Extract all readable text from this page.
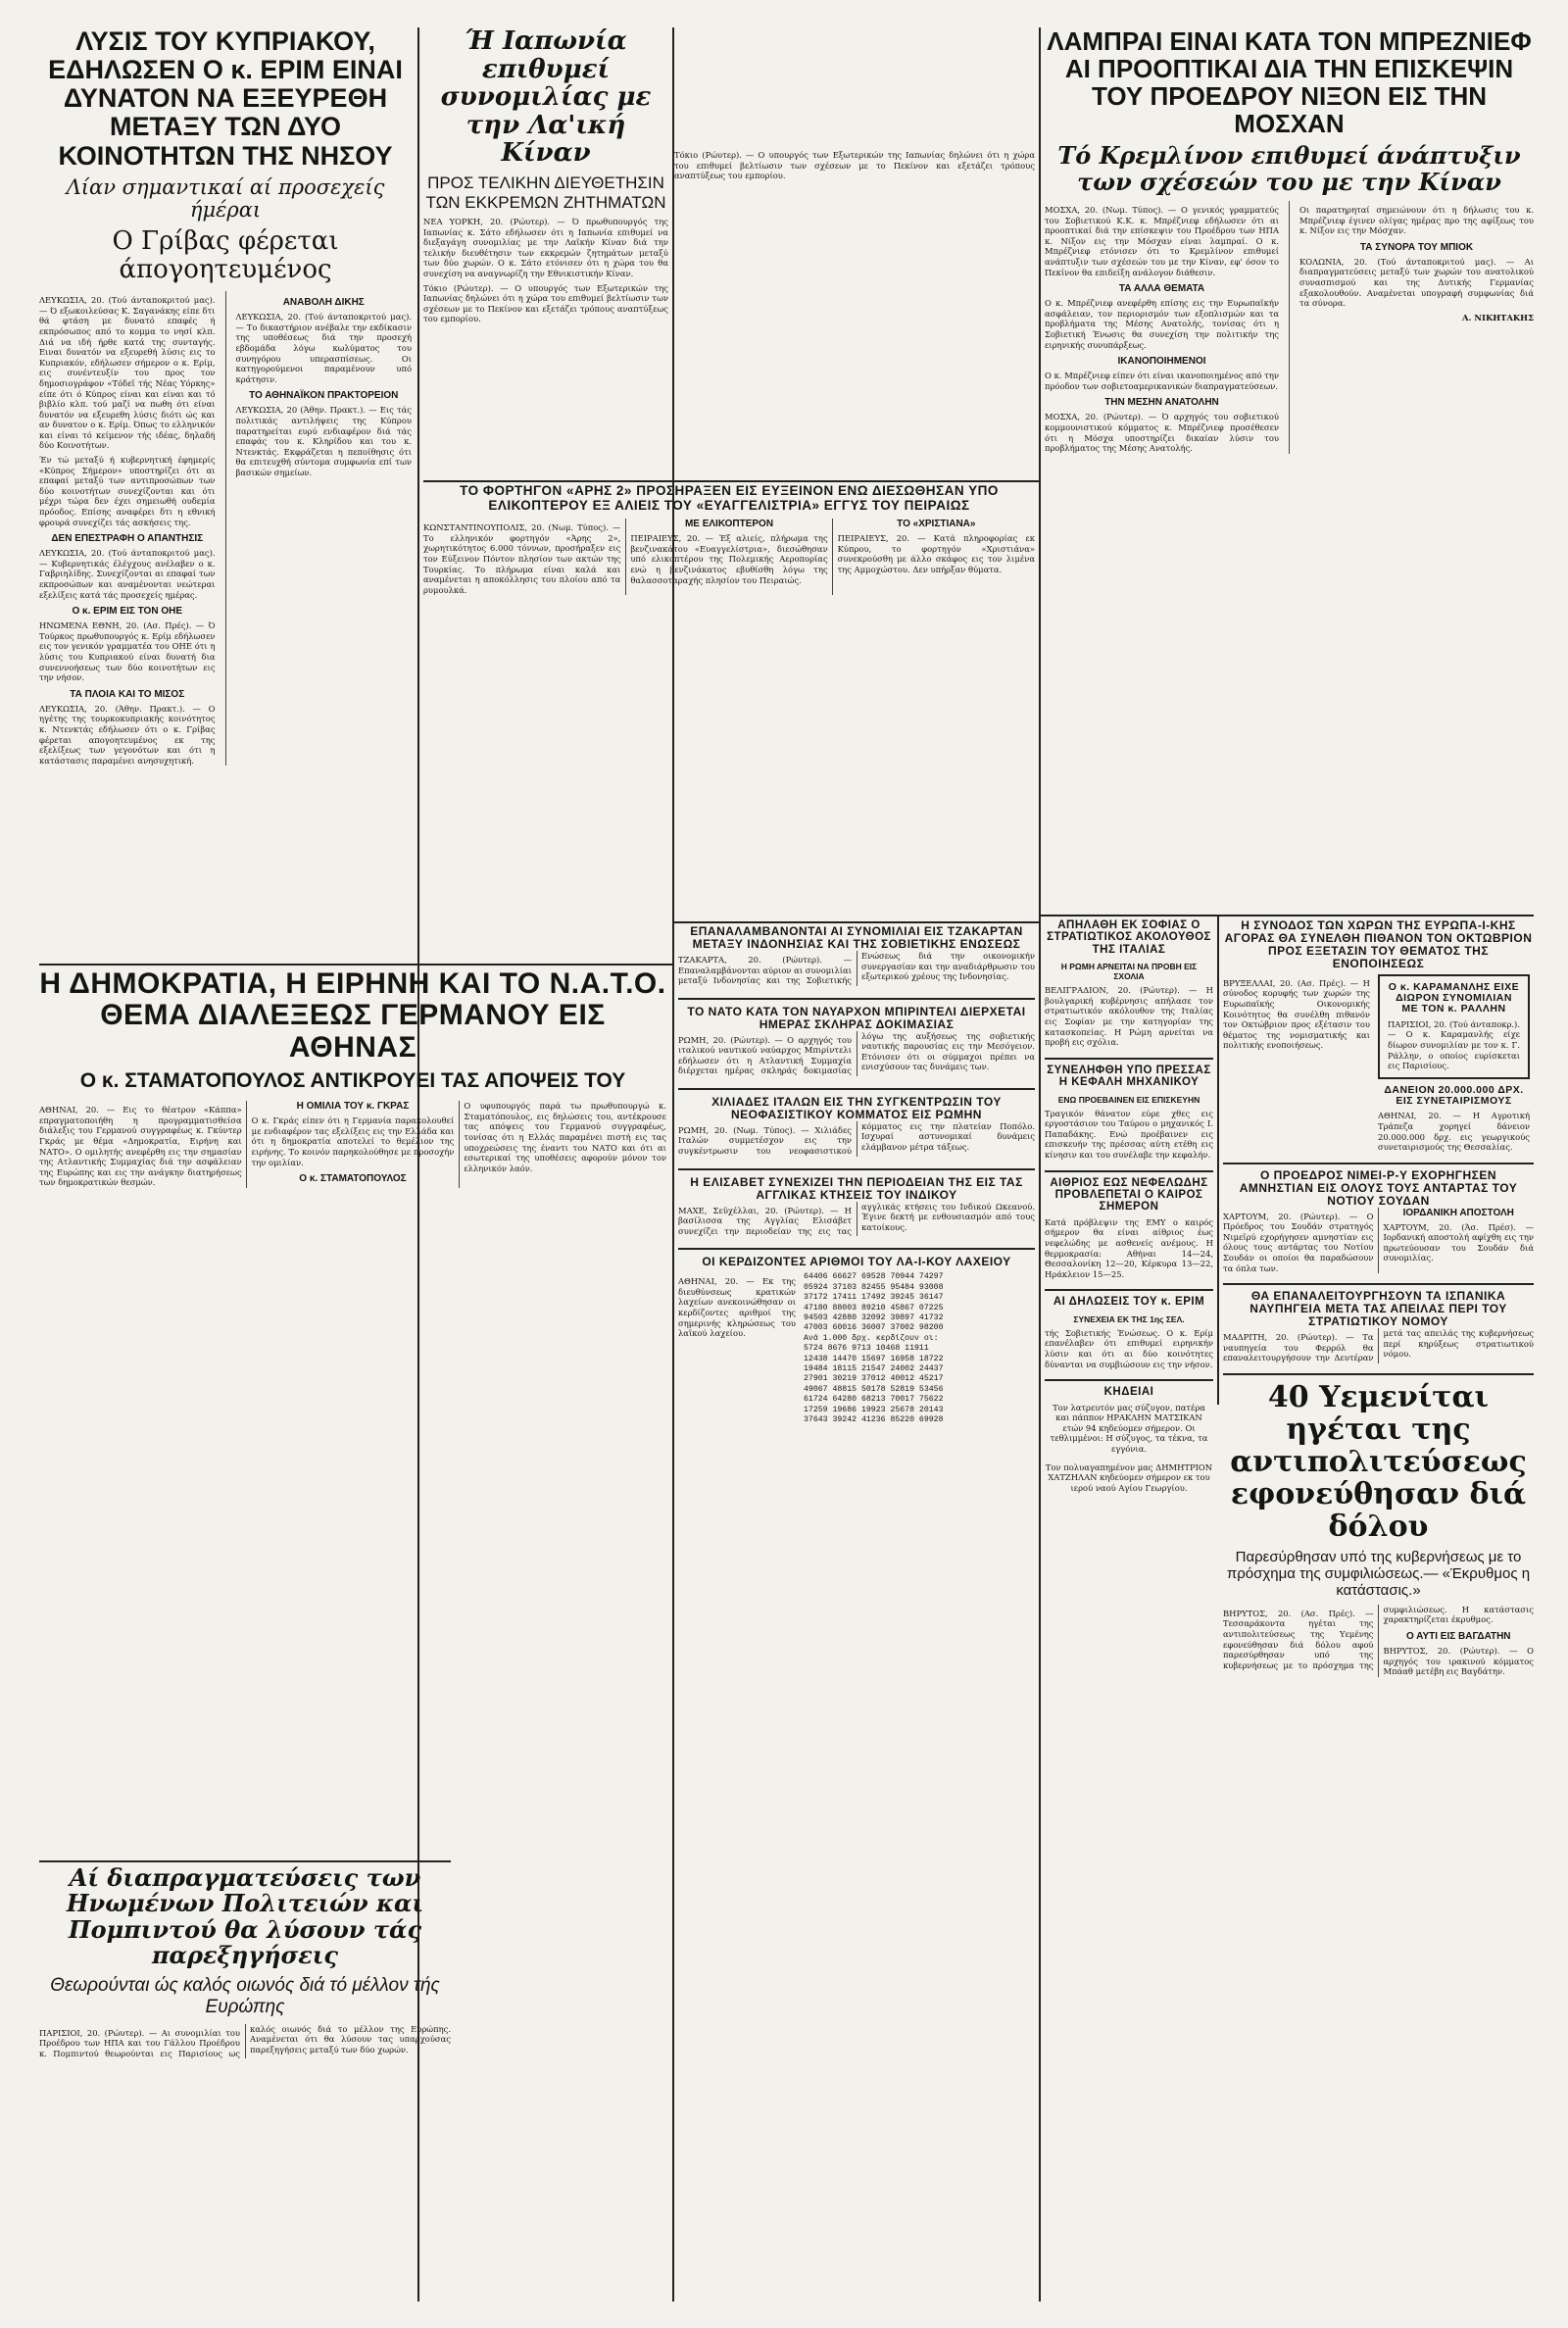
ΛΥΣΙΣ ΤΟΥ ΚΥΠΡΙΑΚΟΥ, ΕΔΗΛΩΣΕΝ Ο κ. ΕΡΙΜ ΕΙΝΑΙ ΔΥΝΑΤΟΝ ΝΑ ΕΞΕΥΡΕΘΗ ΜΕΤΑΞΥ ΤΩΝ ΔΥΟ ΚΟΙΝΟΤΗΤΩΝ ΤΗΣ ΝΗΣΟΥ
Λίαν σημαντικαί αί προσεχείς ήμέραι
Ο Γρίβας φέρεται άπογοητευμένος

ΛΕΥΚΩΣΙΑ, 20. (Τού άνταποκριτού μας). — Ό εξωκοιλεύσας Κ. Σαγανάκης είπε δτι θά φτάση με δυνατό επαφές ή εκπρόσωπος από το κομμα το νησί κλπ. Διά να ιδή ήρθε κατά της συνταγής. Ειναι δυνατόν να εξευρεθή λύσις εις το Κυπριακόν, εδήλωσεν σήμερον ο κ. Ερίμ, εις συνέντευξίν του προς τον δημοσιογράφον «Τόδεϊ τής Νέας Υόρκης» είπε ότι ό Κύπρος είναι και είναι και τό βιβλίο κλπ. τού μαζί να πωθη ότι είναι δυνατόν να εξευρεθη λύσις διότι ώς και αν δυνατον ο κ. Ερίμ. Όπως το ελληνικόν και είναι τό κείμενον τής ιδέας, δηλαδή δύο Κοινοτήτων.

Έν τώ μεταξύ ή κυβερνητική έφημερίς «Κύπρος Σήμερον» υποστηρίζει ότι αι επαφαί μεταξύ των αντιπροσώπων των δύο κοινοτήτων συνεχίζονται και ότι μέχρι τώρα δεν έχει σημειωθή ουδεμία πρόοδος. Επίσης αναφέρει δτι η εθνική φρουρά συνεχίζει τάς ασκήσεις της.

ΔΕΝ ΕΠΕΣΤΡΑΦΗ Ο ΑΠΑΝΤΗΣΙΣ

ΛΕΥΚΩΣΙΑ, 20. (Τού άνταποκριτού μας). — Κυβερνητικάς έλέγχους ανέλαβεν ο κ. Γαβριηλίδης. Συνεχίζονται αι επαφαί των εκπροσώπων και αναμένονται νεώτεραι εξελίξεις κατά τάς προσεχείς ημέρας.

Ο κ. ΕΡΙΜ ΕΙΣ ΤΟΝ ΟΗΕ

ΗΝΩΜΕΝΑ ΕΘΝΗ, 20. (Ασ. Πρές). — Ό Τούρκος πρωθυπουργός κ. Ερίμ εδήλωσεν εις τον γενικόν γραμματέα του ΟΗΕ ότι η λύσις του Κυπριακού είναι δυνατή δια συνεννοήσεως των δύο κοινοτήτων εις την νήσον.

ΤΑ ΠΛΟΙΑ ΚΑΙ ΤΟ ΜΙΣΟΣ

ΛΕΥΚΩΣΙΑ, 20. (Άθην. Πρακτ.). — Ο ηγέτης της τουρκοκυπριακής κοινότητος κ. Ντενκτάς εδήλωσεν ότι ο κ. Γρίβας φέρεται απογοητευμένος εκ της εξελίξεως των γεγονότων και ότι η κατάστασις παραμένει ανησυχητική.

ΑΝΑΒΟΛΗ ΔΙΚΗΣ

ΛΕΥΚΩΣΙΑ, 20. (Τού άνταποκριτού μας). — Το δικαστήριον ανέβαλε την εκδίκασιν της υποθέσεως διά την προσεχή εβδομάδα λόγω κωλύματος του συνηγόρου υπερασπίσεως. Οι κατηγορούμενοι παραμένουν υπό κράτησιν.

ΤΟ ΑΘΗΝΑΪΚΟΝ ΠΡΑΚΤΟΡΕΙΟΝ

ΛΕΥΚΩΣΙΑ, 20 (Άθην. Πρακτ.). — Εις τάς πολιτικάς αντιλήψεις της Κύπρου παρατηρείται ευρύ ενδιαφέρον διά τάς επαφάς του κ. Κληρίδου και του κ. Ντενκτάς. Εκφράζεται η πεποίθησις ότι θα επιτευχθή σύντομα συμφωνία επί των βασικών σημείων.

Ή Ιαπωνία επιθυμεί συνομιλίας με την Λα'ική Κίναν
ΠΡΟΣ ΤΕΛΙΚΗΝ ΔΙΕΥΘΕΤΗΣΙΝ ΤΩΝ ΕΚΚΡΕΜΩΝ ΖΗΤΗΜΑΤΩΝ

ΝΕΑ ΥΟΡΚΗ, 20. (Ρώυτερ). — Ό πρωθυπουργός της Ιαπωνίας κ. Σάτο εδήλωσεν ότι η Ιαπωνία επιθυμεί να διεξαγάγη συνομιλίας με την Λαϊκήν Κίναν διά την τελικήν διευθέτησιν των εκκρεμών ζητημάτων μεταξύ των δύο χωρών. Ο κ. Σάτο ετόνισεν ότι η χώρα του θα συνεχίση να αναγνωρίζη την Εθνικιστικήν Κίναν.

Τόκιο (Ρώυτερ). — Ο υπουργός των Εξωτερικών της Ιαπωνίας δηλώνει ότι η χώρα του επιθυμεί βελτίωσιν των σχέσεων με το Πεκίνον και εξετάζει τρόπους αναπτύξεως του εμπορίου.

Τόκιο (Ρώυτερ). — Ο υπουργός των Εξωτερικών της Ιαπωνίας δηλώνει ότι η χώρα του επιθυμεί βελτίωσιν των σχέσεων με το Πεκίνον και εξετάζει τρόπους αναπτύξεως του εμπορίου.

ΤΟ ΦΟΡΤΗΓΟΝ «ΑΡΗΣ 2» ΠΡΟΣΗΡΑΞΕΝ ΕΙΣ ΕΥΞΕΙΝΟΝ ΕΝΩ ΔΙΕΣΩΘΗΣΑΝ ΥΠΟ ΕΛΙΚΟΠΤΕΡΟΥ ΕΞ ΑΛΙΕΙΣ ΤΟΥ «ΕΥΑΓΓΕΛΙΣΤΡΙΑ» ΕΓΓΥΣ ΤΟΥ ΠΕΙΡΑΙΩΣ

ΚΩΝΣΤΑΝΤΙΝΟΥΠΟΛΙΣ, 20. (Νωμ. Τύπος). — Το ελληνικόν φορτηγόν «Άρης 2», χωρητικότητος 6.000 τόννων, προσήραξεν εις τον Εύξεινον Πόντον πλησίον των ακτών της Τουρκίας. Το πλήρωμα είναι καλά και αναμένεται η αποκόλλησις του πλοίου από τα ρυμουλκά.

ΜΕ ΕΛΙΚΟΠΤΕΡΟΝ

ΠΕΙΡΑΙΕΥΣ, 20. — Έξ αλιείς, πλήρωμα της βενζινακάτου «Ευαγγελίστρια», διεσώθησαν υπό ελικοπτέρου της Πολεμικής Αεροπορίας ενώ η βενζινάκατος εβυθίσθη λόγω της θαλασσοταραχής πλησίον του Πειραιώς.

ΤΟ «ΧΡΙΣΤΙΑΝΑ»

ΠΕΙΡΑΙΕΥΣ, 20. — Κατά πληροφορίας εκ Κύπρου, το φορτηγόν «Χριστιάνα» συνεκρούσθη με άλλο σκάφος εις τον λιμένα της Αμμοχώστου. Δεν υπήρξαν θύματα.

ΛΑΜΠΡΑΙ ΕΙΝΑΙ ΚΑΤΑ ΤΟΝ ΜΠΡΕΖΝΙΕΦ ΑΙ ΠΡΟΟΠΤΙΚΑΙ ΔΙΑ ΤΗΝ ΕΠΙΣΚΕΨΙΝ ΤΟΥ ΠΡΟΕΔΡΟΥ ΝΙΞΟΝ ΕΙΣ ΤΗΝ ΜΟΣΧΑΝ
Τό Κρεμλίνον επιθυμεί άνάπτυξιν των σχέσεών του με την Κίναν

ΜΟΣΧΑ, 20. (Νωμ. Τύπος). — Ο γενικός γραμματεύς του Σοβιετικού Κ.Κ. κ. Μπρέζνιεφ εδήλωσεν ότι αι προοπτικαί διά την επίσκεψιν του Προέδρου των ΗΠΑ κ. Νίξον εις την Μόσχαν είναι λαμπραί. Ο κ. Μπρέζνιεφ ετόνισεν ότι το Κρεμλίνον επιθυμεί ανάπτυξιν των σχέσεών του με την Κίναν, εφ' όσον το Πεκίνον θα επιδείξη ανάλογον διάθεσιν.

ΤΑ ΑΛΛΑ ΘΕΜΑΤΑ

Ο κ. Μπρέζνιεφ ανεφέρθη επίσης εις την Ευρωπαϊκήν ασφάλειαν, τον περιορισμόν των εξοπλισμών και τα προβλήματα της Μέσης Ανατολής, τονίσας ότι η Σοβιετική Ένωσις θα συνεχίση την πολιτικήν της ειρηνικής συνυπάρξεως.

ΙΚΑΝΟΠΟΙΗΜΕΝΟΙ

Ο κ. Μπρέζνιεφ είπεν ότι είναι ικανοποιημένος από την πρόοδον των σοβιετοαμερικανικών διαπραγματεύσεων.

ΤΗΝ ΜΕΣΗΝ ΑΝΑΤΟΛΗΝ

ΜΟΣΧΑ, 20. (Ρώυτερ). — Ό αρχηγός του σοβιετικού κομμουνιστικού κόμματος κ. Μπρέζνιεφ προσέθεσεν ότι η Μόσχα υποστηρίζει δικαίαν λύσιν του προβλήματος της Μέσης Ανατολής.

Οι παρατηρηταί σημειώνουν ότι η δήλωσις του κ. Μπρέζνιεφ έγινεν ολίγας ημέρας προ της αφίξεως του κ. Νίξον εις την Μόσχαν.

ΤΑ ΣΥΝΟΡΑ ΤΟΥ ΜΠΙΟΚ

ΚΟΛΩΝΙΑ, 20. (Τού άνταποκριτού μας). — Αι διαπραγματεύσεις μεταξύ των χωρών του ανατολικού συνασπισμού και της Δυτικής Γερμανίας εξακολουθούν. Αναμένεται υπογραφή συμφωνίας διά τα σύνορα.

Α. ΝΙΚΗΤΑΚΗΣ
Η ΔΗΜΟΚΡΑΤΙΑ, Η ΕΙΡΗΝΗ ΚΑΙ ΤΟ Ν.Α.Τ.Ο. ΘΕΜΑ ΔΙΑΛΕΞΕΩΣ ΓΕΡΜΑΝΟΥ ΕΙΣ ΑΘΗΝΑΣ
Ο κ. ΣΤΑΜΑΤΟΠΟΥΛΟΣ ΑΝΤΙΚΡΟΥΕΙ ΤΑΣ ΑΠΟΨΕΙΣ ΤΟΥ

ΑΘΗΝΑΙ, 20. — Εις το θέατρον «Κάππα» επραγματοποιήθη η προγραμματισθείσα διάλεξις του Γερμανού συγγραφέως κ. Γκύντερ Γκράς με θέμα «Δημοκρατία, Ειρήνη και ΝΑΤΟ». Ο ομιλητής ανεφέρθη εις την σημασίαν της Ατλαντικής Συμμαχίας διά την ασφάλειαν της Ευρώπης και εις την ανάγκην διατηρήσεως των δημοκρατικών θεσμών.

Η ΟΜΙΛΙΑ ΤΟΥ κ. ΓΚΡΑΣ

Ο κ. Γκράς είπεν ότι η Γερμανία παρακολουθεί με ενδιαφέρον τας εξελίξεις εις την Ελλάδα και ότι η δημοκρατία αποτελεί το θεμέλιον της ειρήνης. Το κοινόν παρηκολούθησε με προσοχήν την ομιλίαν.

Ο κ. ΣΤΑΜΑΤΟΠΟΥΛΟΣ

Ο υφυπουργός παρά τω πρωθυπουργώ κ. Σταματόπουλος, εις δηλώσεις του, αντέκρουσε τας απόψεις του Γερμανού συγγραφέως, τονίσας ότι η Ελλάς παραμένει πιστή εις τας υποχρεώσεις της έναντι του ΝΑΤΟ και ότι αι εσωτερικαί της υποθέσεις αφορούν μόνον τον ελληνικόν λαόν.

Αί διαπραγματεύσεις των Ηνωμένων Πολιτειών και Πομπιντού θα λύσουν τάς παρεξηγήσεις
Θεωρούνται ώς καλός οιωνός διά τό μέλλον τής Ευρώπης

ΠΑΡΙΣΙΟΙ, 20. (Ρώυτερ). — Αι συνομιλίαι του Προέδρου των ΗΠΑ και του Γάλλου Προέδρου κ. Πομπιντού θεωρούνται εις Παρισίους ως καλός οιωνός διά το μέλλον της Ευρώπης. Αναμένεται ότι θα λύσουν τας υπαρχούσας παρεξηγήσεις μεταξύ των δύο χωρών.

ΕΠΑΝΑΛΑΜΒΑΝΟΝΤΑΙ ΑΙ ΣΥΝΟΜΙΛΙΑΙ ΕΙΣ ΤΖΑΚΑΡΤΑΝ ΜΕΤΑΞΥ ΙΝΔΟΝΗΣΙΑΣ ΚΑΙ ΤΗΣ ΣΟΒΙΕΤΙΚΗΣ ΕΝΩΣΕΩΣ

ΤΖΑΚΑΡΤΑ, 20. (Ρώυτερ). — Επαναλαμβάνονται αύριον αι συνομιλίαι μεταξύ Ινδονησίας και της Σοβιετικής Ενώσεως διά την οικονομικήν συνεργασίαν και την αναδιάρθρωσιν του εξωτερικού χρέους της Ινδονησίας.

ΤΟ ΝΑΤΟ ΚΑΤΑ ΤΟΝ ΝΑΥΑΡΧΟΝ ΜΠΙΡΙΝΤΕΛΙ ΔΙΕΡΧΕΤΑΙ ΗΜΕΡΑΣ ΣΚΛΗΡΑΣ ΔΟΚΙΜΑΣΙΑΣ

ΡΩΜΗ, 20. (Ρώυτερ). — Ο αρχηγός του ιταλικού ναυτικού ναύαρχος Μπιρίντελι εδήλωσεν ότι η Ατλαντική Συμμαχία διέρχεται ημέρας σκληράς δοκιμασίας λόγω της αυξήσεως της σοβιετικής ναυτικής παρουσίας εις την Μεσόγειον. Ετόνισεν ότι οι σύμμαχοι πρέπει να ενισχύσουν τας δυνάμεις των.

ΧΙΛΙΑΔΕΣ ΙΤΑΛΩΝ ΕΙΣ ΤΗΝ ΣΥΓΚΕΝΤΡΩΣΙΝ ΤΟΥ ΝΕΟΦΑΣΙΣΤΙΚΟΥ ΚΟΜΜΑΤΟΣ ΕΙΣ ΡΩΜΗΝ

ΡΩΜΗ, 20. (Νωμ. Τύπος). — Χιλιάδες Ιταλών συμμετέσχον εις την συγκέντρωσιν του νεοφασιστικού κόμματος εις την πλατείαν Ποπόλο. Ισχυραί αστυνομικαί δυνάμεις ελάμβανον μέτρα τάξεως.

Η ΕΛΙΣΑΒΕΤ ΣΥΝΕΧΙΖΕΙ ΤΗΝ ΠΕΡΙΟΔΕΙΑΝ ΤΗΣ ΕΙΣ ΤΑΣ ΑΓΓΛΙΚΑΣ ΚΤΗΣΕΙΣ ΤΟΥ ΙΝΔΙΚΟΥ

ΜΑΧΕ, Σεϋχέλλαι, 20. (Ρώυτερ). — Η βασίλισσα της Αγγλίας Ελισάβετ συνεχίζει την περιοδείαν της εις τας αγγλικάς κτήσεις του Ινδικού Ωκεανού. Έγινε δεκτή με ενθουσιασμόν από τους κατοίκους.

ΟΙ ΚΕΡΔΙΖΟΝΤΕΣ ΑΡΙΘΜΟΙ ΤΟΥ ΛΑ-Ι-ΚΟΥ ΛΑΧΕΙΟΥ

ΑΘΗΝΑΙ, 20. — Εκ της διευθύνσεως κρατικών λαχείων ανεκοινώθησαν οι κερδίζοντες αριθμοί της σημερινής κληρώσεως του λαϊκού λαχείου.

64406 66627 69528 70944 74297
05924 37103 82455 95484 93008
37172 17411 17492 39245 36147
47180 88003 89210 45867 07225
94503 42880 32092 39897 41732
47003 60016 36007 37002 98200
Ανά 1.000 δρχ. κερδίζουν οι:
5724 8676 9713 10468 11911
12438 14470 15697 16958 18722
19484 18115 21547 24002 24437
27901 30219 37012 40012 45217
49067 48815 50178 52819 53456
61724 64280 68213 70017 75622
17259 19686 19923 25678 20143
37643 39242 41236 85220 69928
ΑΠΗΛΑΘΗ ΕΚ ΣΟΦΙΑΣ Ο ΣΤΡΑΤΙΩΤΙΚΟΣ ΑΚΟΛΟΥΘΟΣ ΤΗΣ ΙΤΑΛΙΑΣ
Η ΡΩΜΗ ΑΡΝΕΙΤΑΙ ΝΑ ΠΡΟΒΗ ΕΙΣ ΣΧΟΛΙΑ

ΒΕΛΙΓΡΑΔΙΟΝ, 20. (Ρώυτερ). — Η βουλγαρική κυβέρνησις απήλασε τον στρατιωτικόν ακόλουθον της Ιταλίας εις Σοφίαν με την κατηγορίαν της κατασκοπείας. Η Ρώμη αρνείται να προβή εις σχόλια.

ΣΥΝΕΛΗΦΘΗ ΥΠΟ ΠΡΕΣΣΑΣ Η ΚΕΦΑΛΗ ΜΗΧΑΝΙΚΟΥ
ΕΝΩ ΠΡΟΕΒΑΙΝΕΝ ΕΙΣ ΕΠΙΣΚΕΥΗΝ

Τραγικόν θάνατον εύρε χθες εις εργοστάσιον του Ταύρου ο μηχανικός Ι. Παπαδάκης. Ενώ προέβαινεν εις επισκευήν της πρέσσας αύτη ετέθη εις κίνησιν και του συνέλαβε την κεφαλήν.

ΑΙΘΡΙΟΣ ΕΩΣ ΝΕΦΕΛΩΔΗΣ ΠΡΟΒΛΕΠΕΤΑΙ Ο ΚΑΙΡΟΣ ΣΗΜΕΡΟΝ

Κατά πρόβλεψιν της ΕΜΥ ο καιρός σήμερον θα είναι αίθριος έως νεφελώδης με ασθενείς ανέμους. Η θερμοκρασία: Αθήναι 14—24, Θεσσαλονίκη 12—20, Κέρκυρα 13—22, Ηράκλειον 15—25.

ΑΙ ΔΗΛΩΣΕΙΣ ΤΟΥ κ. ΕΡΙΜ
ΣΥΝΕΧΕΙΑ ΕΚ ΤΗΣ 1ης ΣΕΛ.

τής Σοβιετικής Ένώσεως. Ο κ. Ερίμ επανέλαβεν ότι επιθυμεί ειρηνικήν λύσιν και ότι αι δύο κοινότητες δύνανται να συμβιώσουν εις την νήσον.

ΚΗΔΕΙΑΙ

Τον λατρευτόν μας σύζυγον, πατέρα και πάππον ΗΡΑΚΛΗΝ ΜΑΤΣΙΚΑΝ ετών 94 κηδεύομεν σήμερον. Οι τεθλιμμένοι: Η σύζυγος, τα τέκνα, τα εγγόνια.

Τον πολυαγαπημένον μας ΔΗΜΗΤΡΙΟΝ ΧΑΤΖΗΛΑΝ κηδεύομεν σήμερον εκ του ιερού ναού Αγίου Γεωργίου.

Η ΣΥΝΟΔΟΣ ΤΩΝ ΧΩΡΩΝ ΤΗΣ ΕΥΡΩΠΑ-Ι-ΚΗΣ ΑΓΟΡΑΣ ΘΑ ΣΥΝΕΛΘΗ ΠΙΘΑΝΟΝ ΤΟΝ ΟΚΤΩΒΡΙΟΝ ΠΡΟΣ ΕΞΕΤΑΣΙΝ ΤΟΥ ΘΕΜΑΤΟΣ ΤΗΣ ΕΝΟΠΟΙΗΣΕΩΣ

ΒΡΥΞΕΛΛΑΙ, 20. (Ασ. Πρές). — Η σύνοδος κορυφής των χωρών της Ευρωπαϊκής Οικονομικής Κοινότητος θα συνέλθη πιθανόν τον Οκτώβριον προς εξέτασιν του θέματος της νομισματικής και πολιτικής ενοποιήσεως.

Ο κ. ΚΑΡΑΜΑΝΛΗΣ ΕΙΧΕ ΔΙΩΡΟΝ ΣΥΝΟΜΙΛΙΑΝ ΜΕ ΤΟΝ κ. ΡΑΛΛΗΝ

ΠΑΡΙΣΙΟΙ, 20. (Τού άνταποκρ.). — Ο κ. Καραμανλής είχε δίωρον συνομιλίαν με τον κ. Γ. Ράλλην, ο οποίος ευρίσκεται εις Παρισίους.

ΔΑΝΕΙΟΝ 20.000.000 ΔΡΧ. ΕΙΣ ΣΥΝΕΤΑΙΡΙΣΜΟΥΣ

ΑΘΗΝΑΙ, 20. — Η Αγροτική Τράπεζα χορηγεί δάνειον 20.000.000 δρχ. εις γεωργικούς συνεταιρισμούς της Θεσσαλίας.

Ο ΠΡΟΕΔΡΟΣ ΝΙΜΕΙ-Ρ-Υ ΕΧΟΡΗΓΗΣΕΝ ΑΜΝΗΣΤΙΑΝ ΕΙΣ ΟΛΟΥΣ ΤΟΥΣ ΑΝΤΑΡΤΑΣ ΤΟΥ ΝΟΤΙΟΥ ΣΟΥΔΑΝ

ΧΑΡΤΟΥΜ, 20. (Ρώυτερ). — Ο Πρόεδρος του Σουδάν στρατηγός Νιμεϊρύ εχορήγησεν αμνηστίαν εις όλους τους αντάρτας του Νοτίου Σουδάν οι οποίοι θα παραδώσουν τα όπλα των.

ΙΟΡΔΑΝΙΚΗ ΑΠΟΣΤΟΛΗ

ΧΑΡΤΟΥΜ, 20. (Άσ. Πρέσ). — Ιορδανική αποστολή αφίχθη εις την πρωτεύουσαν του Σουδάν διά συνομιλίας.

ΘΑ ΕΠΑΝΑΛΕΙΤΟΥΡΓΗΣΟΥΝ ΤΑ ΙΣΠΑΝΙΚΑ ΝΑΥΠΗΓΕΙΑ ΜΕΤΑ ΤΑΣ ΑΠΕΙΛΑΣ ΠΕΡΙ ΤΟΥ ΣΤΡΑΤΙΩΤΙΚΟΥ ΝΟΜΟΥ

ΜΑΔΡΙΤΗ, 20. (Ρώυτερ). — Τα ναυπηγεία του Φερρόλ θα επαναλειτουργήσουν την Δευτέραν μετά τας απειλάς της κυβερνήσεως περί κηρύξεως στρατιωτικού νόμου.

40 Υεμενίται ηγέται της αντιπολιτεύσεως εφονεύθησαν διά δόλου
Παρεσύρθησαν υπό της κυβερνήσεως με το πρόσχημα της συμφιλιώσεως.— «Έκρυθμος η κατάστασις.»

ΒΗΡΥΤΟΣ, 20. (Ασ. Πρές). — Τεσσαράκοντα ηγέται της αντιπολιτεύσεως της Υεμένης εφονεύθησαν διά δόλου αφού παρεσύρθησαν υπό της κυβερνήσεως με το πρόσχημα της συμφιλιώσεως. Η κατάστασις χαρακτηρίζεται έκρυθμος.

Ο ΑΥΤΙ ΕΙΣ ΒΑΓΔΑΤΗΝ

ΒΗΡΥΤΟΣ, 20. (Ρώυτερ). — Ο αρχηγός του ιρακινού κόμματος Μπάαθ μετέβη εις Βαγδάτην.
